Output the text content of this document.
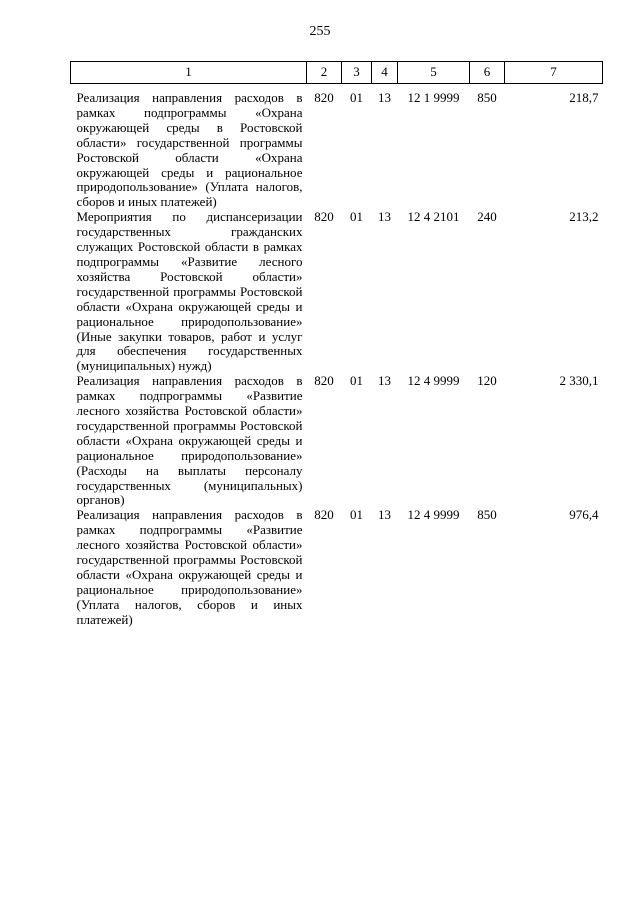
255
1	2	3	4	5	6	7
Реализация направления расходов в рамках подпрограммы «Охрана окружающей среды в Ростовской области» государственной программы Ростовской области «Охрана окружающей среды и рациональное природопользование» (Уплата налогов, сборов и иных платежей)	820	01	13	12 1 9999	850	218,7
Мероприятия по диспансеризации государственных гражданских служащих Ростовской области в рамках подпрограммы «Развитие лесного хозяйства Ростовской области» государственной программы Ростовской области «Охрана окружающей среды и рациональное природопользование» (Иные закупки товаров, работ и услуг для обеспечения государственных (муниципальных) нужд)	820	01	13	12 4 2101	240	213,2
Реализация направления расходов в рамках подпрограммы «Развитие лесного хозяйства Ростовской области» государственной программы Ростовской области «Охрана окружающей среды и рациональное природопользование» (Расходы на выплаты персоналу государственных (муниципальных) органов)	820	01	13	12 4 9999	120	2 330,1
Реализация направления расходов в рамках подпрограммы «Развитие лесного хозяйства Ростовской области» государственной программы Ростовской области «Охрана окружающей среды и рациональное природопользование» (Уплата налогов, сборов и иных платежей)	820	01	13	12 4 9999	850	976,4
